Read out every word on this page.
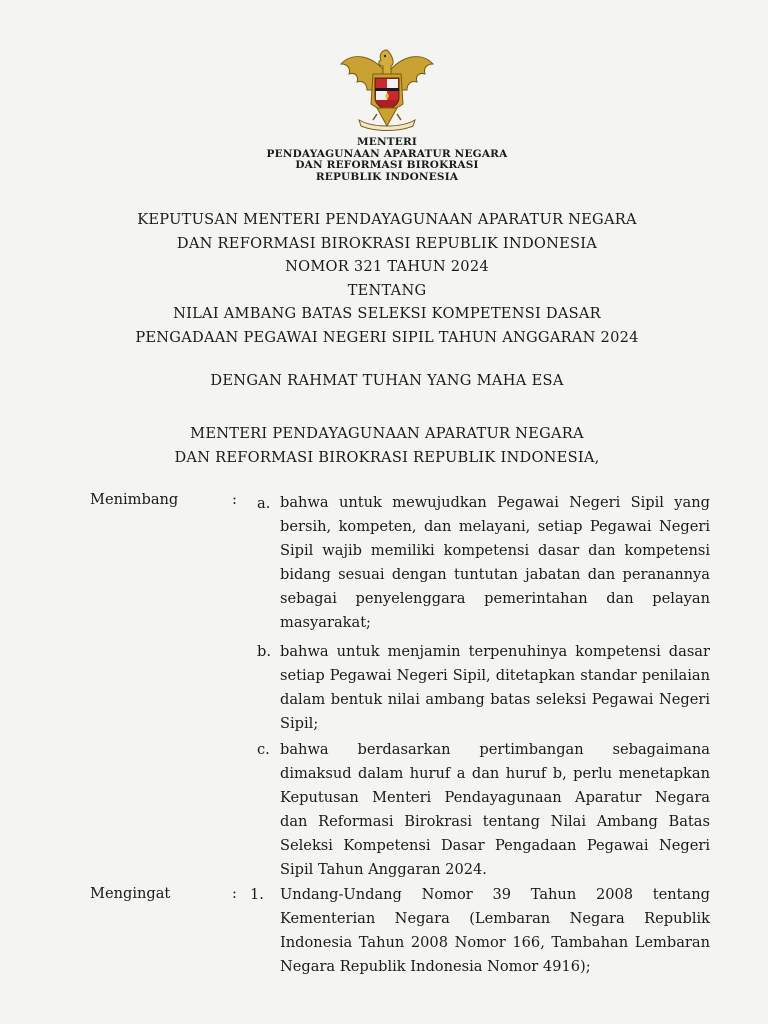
MENTERI
PENDAYAGUNAAN APARATUR NEGARA
DAN REFORMASI BIROKRASI
REPUBLIK INDONESIA
KEPUTUSAN MENTERI PENDAYAGUNAAN APARATUR NEGARA
DAN REFORMASI BIROKRASI REPUBLIK INDONESIA
NOMOR 321 TAHUN 2024
TENTANG
NILAI AMBANG BATAS SELEKSI KOMPETENSI DASAR
PENGADAAN PEGAWAI NEGERI SIPIL TAHUN ANGGARAN 2024
DENGAN RAHMAT TUHAN YANG MAHA ESA
MENTERI PENDAYAGUNAAN APARATUR NEGARA
DAN REFORMASI BIROKRASI REPUBLIK INDONESIA,
Menimbang	: a. bahwa untuk mewujudkan Pegawai Negeri Sipil yang
bersih, kompeten, dan melayani, setiap Pegawai Negeri
Sipil wajib memiliki kompetensi dasar dan kompetensi
bidang sesuai dengan tuntutan jabatan dan peranannya
sebagai penyelenggara pemerintahan dan pelayan
masyarakat;
b. bahwa untuk menjamin terpenuhinya kompetensi dasar
setiap Pegawai Negeri Sipil, ditetapkan standar penilaian
dalam bentuk nilai ambang batas seleksi Pegawai Negeri
Sipil;
c. bahwa berdasarkan pertimbangan sebagaimana
dimaksud dalam huruf a dan huruf b, perlu menetapkan
Keputusan Menteri Pendayagunaan Aparatur Negara
dan Reformasi Birokrasi tentang Nilai Ambang Batas
Seleksi Kompetensi Dasar Pengadaan Pegawai Negeri
Sipil Tahun Anggaran 2024.
Mengingat	: 1. Undang-Undang Nomor 39 Tahun 2008 tentang
Kementerian Negara (Lembaran Negara Republik
Indonesia Tahun 2008 Nomor 166, Tambahan Lembaran
Negara Republik Indonesia Nomor 4916);
